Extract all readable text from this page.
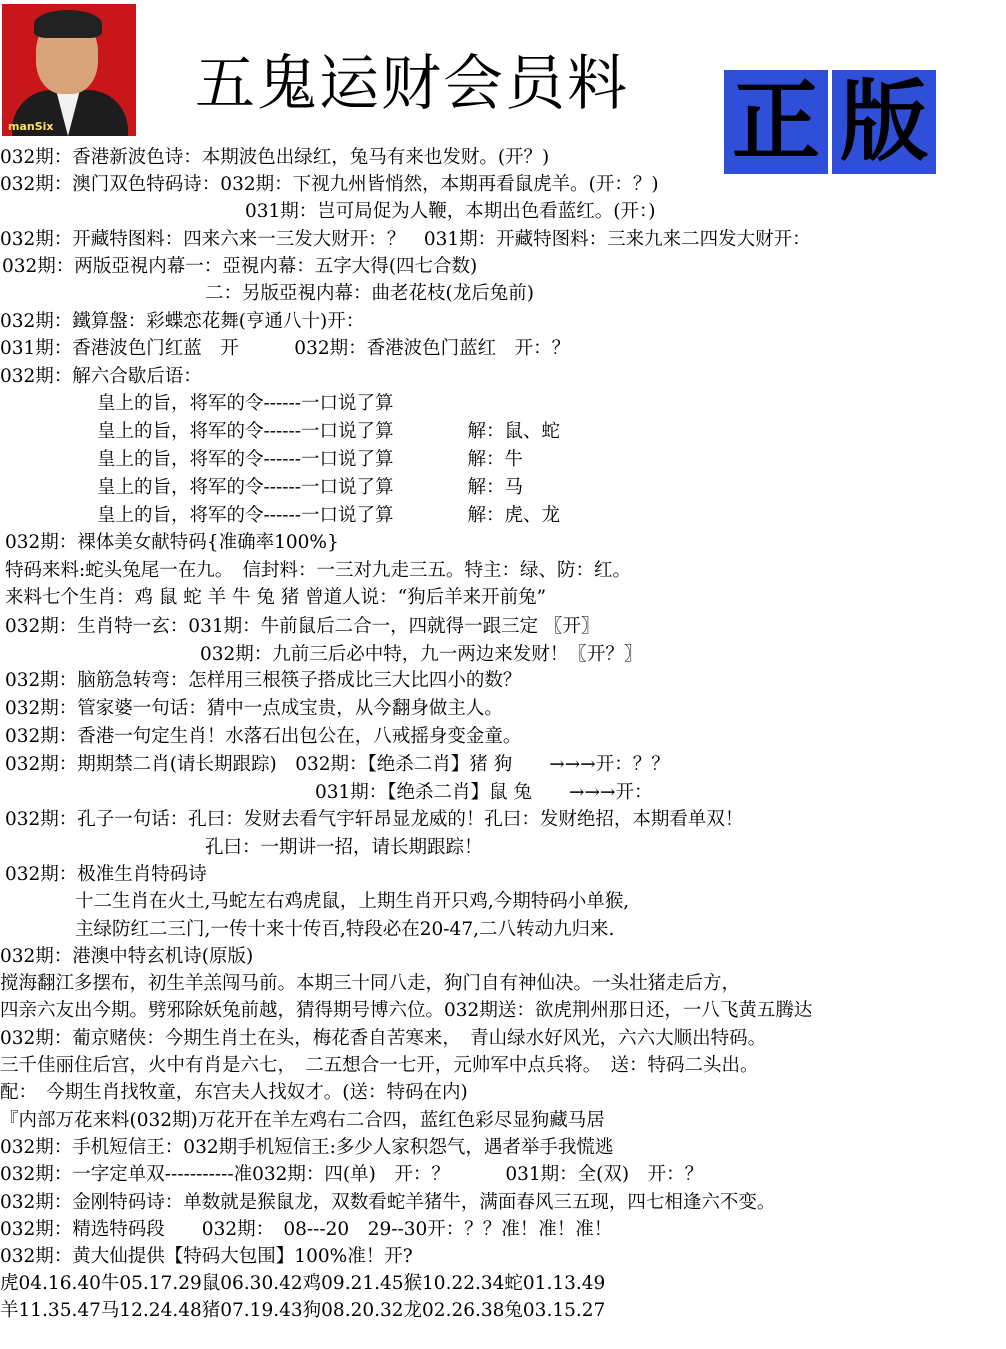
manSix
五鬼运财会员料 正 版
032期：香港新波色诗：本期波色出绿红，兔马有来也发财。(开？)
032期：澳门双色特码诗：032期：下视九州皆悄然，本期再看鼠虎羊。(开：？)
031期：岂可局促为人鞭，本期出色看蓝红。(开：)
032期：开藏特图料：四来六来一三发大财开：？　031期：开藏特图料：三来九来二四发大财开：
032期：两版亞視内幕一：亞視内幕：五字大得(四七合数)
二：另版亞視内幕：曲老花枝(龙后兔前)
032期：鐵算盤：彩蝶恋花舞(亨通八十)开：
031期：香港波色门红蓝　开　　　032期：香港波色门蓝红　开：？
032期：解六合歇后语：
皇上的旨，将军的令------一口说了算
皇上的旨，将军的令------一口说了算　　　　解：鼠、蛇
皇上的旨，将军的令------一口说了算　　　　解：牛
皇上的旨，将军的令------一口说了算　　　　解：马
皇上的旨，将军的令------一口说了算　　　　解：虎、龙
032期：裸体美女献特码{准确率100%}
特码来料:蛇头兔尾一在九。　信封料：一三对九走三五。特主：绿、防：红。
来料七个生肖：鸡 鼠 蛇 羊 牛 兔 猪 曾道人说：“狗后羊来开前兔”
032期：生肖特一玄：031期：牛前鼠后二合一，四就得一跟三定 〖开〗
032期：九前三后必中特，九一两边来发财！〖开？〗
032期：脑筋急转弯：怎样用三根筷子搭成比三大比四小的数？
032期：管家婆一句话：猜中一点成宝贵，从今翻身做主人。
032期：香港一句定生肖！水落石出包公在，八戒摇身变金童。
032期：期期禁二肖(请长期跟踪)　032期：【绝杀二肖】猪 狗　　→→→开：？？
031期：【绝杀二肖】鼠 兔　　→→→开：
032期：孔子一句话：孔曰：发财去看气宇轩昂显龙威的！孔曰：发财绝招，本期看单双！
孔曰：一期讲一招，请长期跟踪！
032期：极准生肖特码诗
十二生肖在火土,马蛇左右鸡虎鼠，上期生肖开只鸡,今期特码小单猴,
主绿防红二三门,一传十来十传百,特段必在20-47,二八转动九归来.
032期：港澳中特玄机诗(原版)
搅海翻江多摆布，初生羊羔闯马前。本期三十同八走，狗门自有神仙决。一头壮猪走后方，
四亲六友出今期。劈邪除妖兔前越，猜得期号博六位。032期送：欲虎荆州那日还，一八飞黄五腾达
032期：葡京赌侠：今期生肖土在头，梅花香自苦寒来，　青山绿水好风光，六六大顺出特码。
三千佳丽住后宫，火中有肖是六七，　二五想合一七开，元帅军中点兵将。　送：特码二头出。
配：　今期生肖找牧童，东宫夫人找奴才。(送：特码在内)
『内部万花来料(032期)万花开在羊左鸡右二合四，蓝红色彩尽显狗藏马居
032期：手机短信王：032期手机短信王:多少人家积怨气，遇者举手我慌逃
032期：一字定单双-----------准032期：四(单)　开：？　　　031期：全(双)　开：？
032期：金刚特码诗：单数就是猴鼠龙，双数看蛇羊猪牛，满面春风三五现，四七相逢六不变。
032期：精选特码段　　032期：　08---20　29--30开：？？准！准！准！
032期：黄大仙提供【特码大包围】100%准！开?
虎04.16.40牛05.17.29鼠06.30.42鸡09.21.45猴10.22.34蛇01.13.49
羊11.35.47马12.24.48猪07.19.43狗08.20.32龙02.26.38兔03.15.27
